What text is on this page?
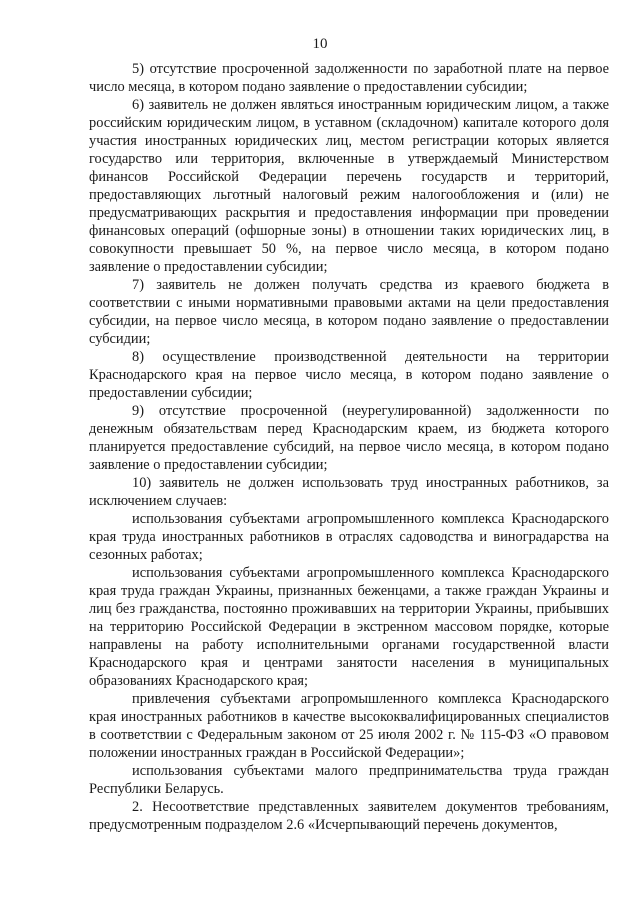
10

5) отсутствие просроченной задолженности по заработной плате на первое число месяца, в котором подано заявление о предоставлении субсидии;

6) заявитель не должен являться иностранным юридическим лицом, а также российским юридическим лицом, в уставном (складочном) капитале которого доля участия иностранных юридических лиц, местом регистрации которых является государство или территория, включенные в утверждаемый Министерством финансов Российской Федерации перечень государств и территорий, предоставляющих льготный налоговый режим налогообложения и (или) не предусматривающих раскрытия и предоставления информации при проведении финансовых операций (офшорные зоны) в отношении таких юридических лиц, в совокупности превышает 50 %, на первое число месяца, в котором подано заявление о предоставлении субсидии;

7) заявитель не должен получать средства из краевого бюджета в соответствии с иными нормативными правовыми актами на цели предоставления субсидии, на первое число месяца, в котором подано заявление о предоставлении субсидии;

8) осуществление производственной деятельности на территории Краснодарского края на первое число месяца, в котором подано заявление о предоставлении субсидии;

9) отсутствие просроченной (неурегулированной) задолженности по денежным обязательствам перед Краснодарским краем, из бюджета которого планируется предоставление субсидий, на первое число месяца, в котором подано заявление о предоставлении субсидии;

10) заявитель не должен использовать труд иностранных работников, за исключением случаев:

использования субъектами агропромышленного комплекса Краснодарского края труда иностранных работников в отраслях садоводства и виноградарства на сезонных работах;

использования субъектами агропромышленного комплекса Краснодарского края труда граждан Украины, признанных беженцами, а также граждан Украины и лиц без гражданства, постоянно проживавших на территории Украины, прибывших на территорию Российской Федерации в экстренном массовом порядке, которые направлены на работу исполнительными органами государственной власти Краснодарского края и центрами занятости населения в муниципальных образованиях Краснодарского края;

привлечения субъектами агропромышленного комплекса Краснодарского края иностранных работников в качестве высококвалифицированных специалистов в соответствии с Федеральным законом от 25 июля 2002 г. № 115-ФЗ «О правовом положении иностранных граждан в Российской Федерации»;

использования субъектами малого предпринимательства труда граждан Республики Беларусь.

2. Несоответствие представленных заявителем документов требованиям, предусмотренным подразделом 2.6 «Исчерпывающий перечень документов,
